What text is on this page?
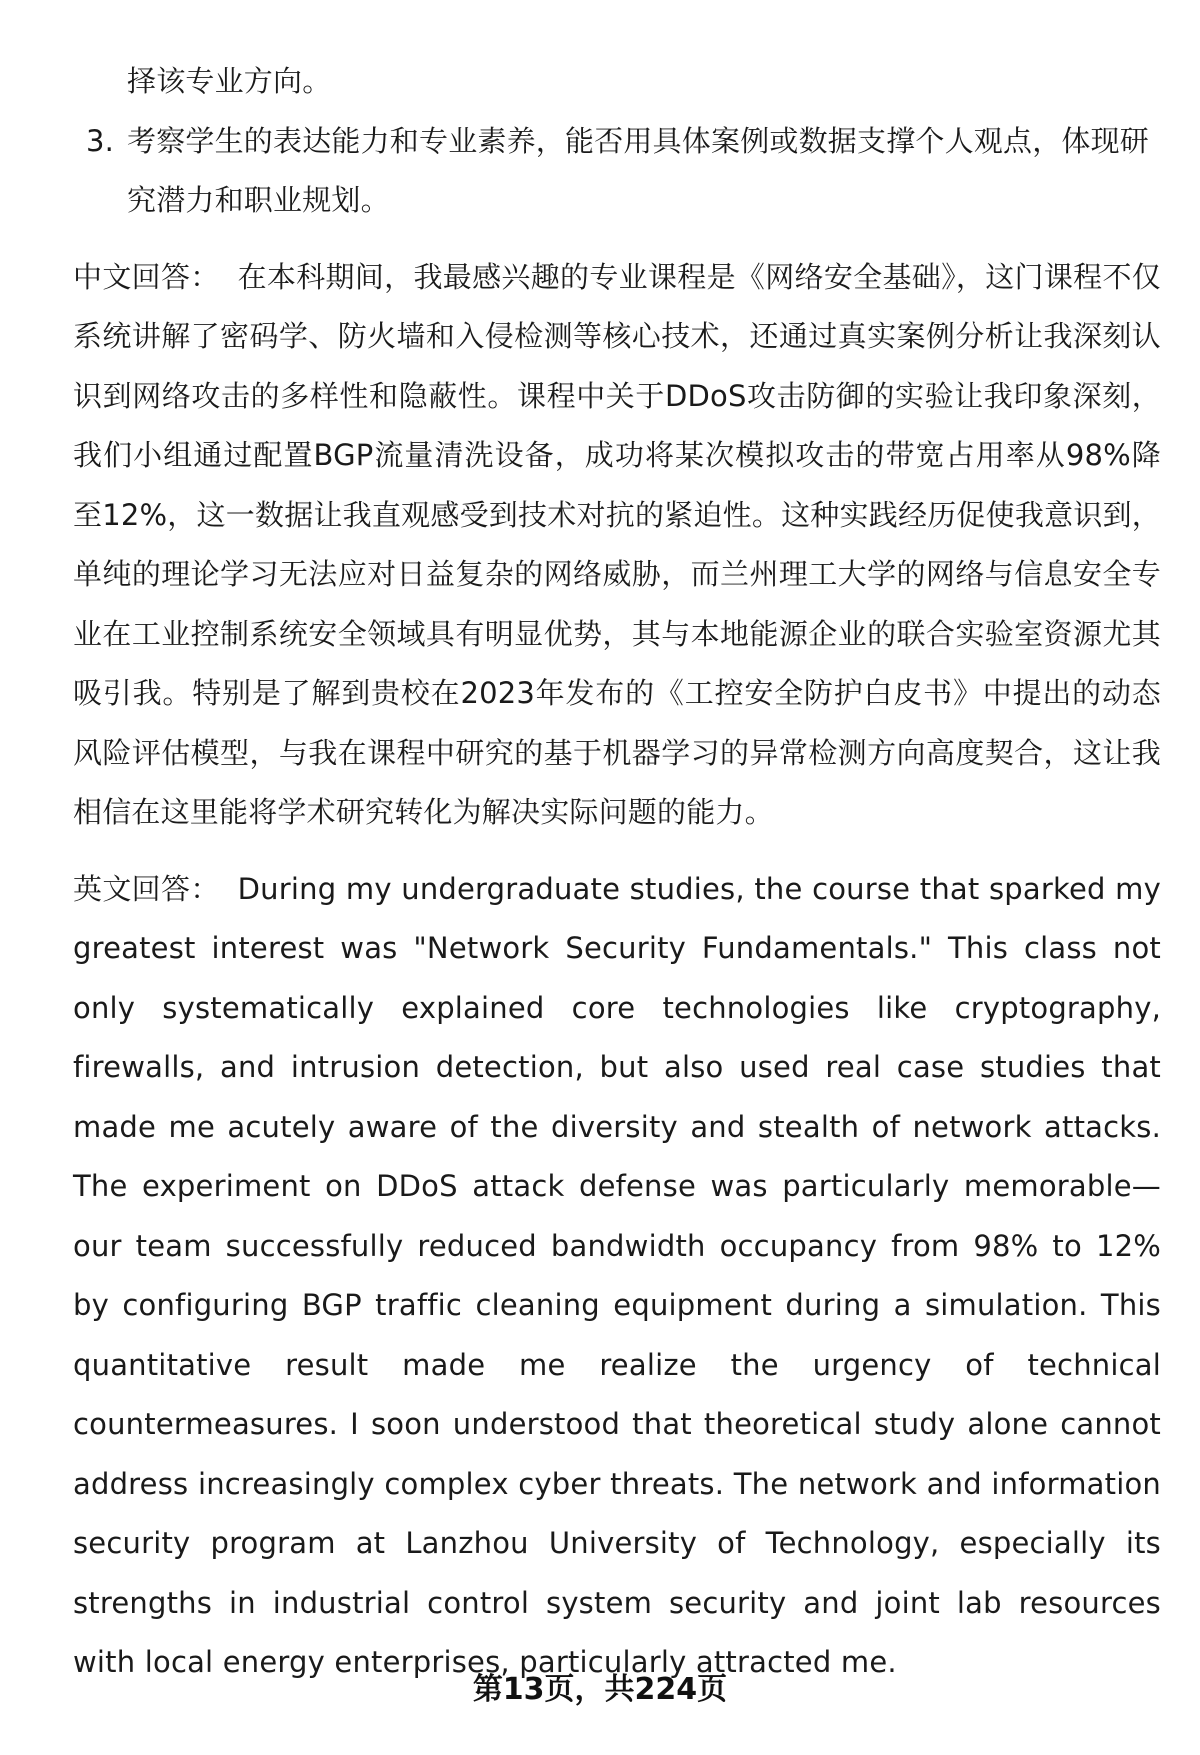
择该专业方向。

3. 考察学生的表达能力和专业素养，能否用具体案例或数据支撑个人观点，体现研究潜力和职业规划。

中文回答： 在本科期间，我最感兴趣的专业课程是《网络安全基础》，这门课程不仅系统讲解了密码学、防火墙和入侵检测等核心技术，还通过真实案例分析让我深刻认识到网络攻击的多样性和隐蔽性。课程中关于DDoS攻击防御的实验让我印象深刻，我们小组通过配置BGP流量清洗设备，成功将某次模拟攻击的带宽占用率从98%降至12%，这一数据让我直观感受到技术对抗的紧迫性。这种实践经历促使我意识到，单纯的理论学习无法应对日益复杂的网络威胁，而兰州理工大学的网络与信息安全专业在工业控制系统安全领域具有明显优势，其与本地能源企业的联合实验室资源尤其吸引我。特别是了解到贵校在2023年发布的《工控安全防护白皮书》中提出的动态风险评估模型，与我在课程中研究的基于机器学习的异常检测方向高度契合，这让我相信在这里能将学术研究转化为解决实际问题的能力。

英文回答： During my undergraduate studies, the course that sparked my greatest interest was "Network Security Fundamentals." This class not only systematically explained core technologies like cryptography, firewalls, and intrusion detection, but also used real case studies that made me acutely aware of the diversity and stealth of network attacks. The experiment on DDoS attack defense was particularly memorable—our team successfully reduced bandwidth occupancy from 98% to 12% by configuring BGP traffic cleaning equipment during a simulation. This quantitative result made me realize the urgency of technical countermeasures. I soon understood that theoretical study alone cannot address increasingly complex cyber threats. The network and information security program at Lanzhou University of Technology, especially its strengths in industrial control system security and joint lab resources with local energy enterprises, particularly attracted me.

第13页，共224页
